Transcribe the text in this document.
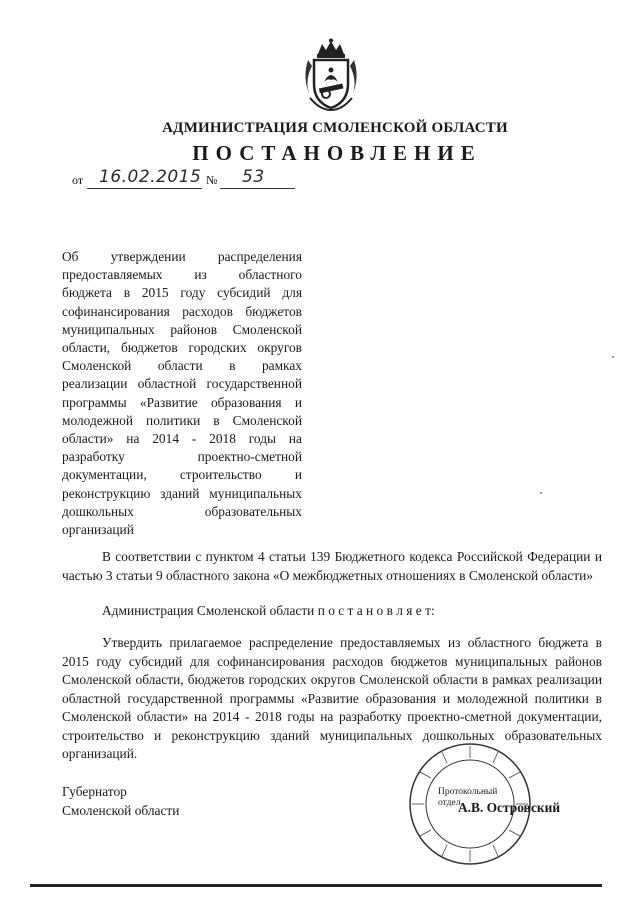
АДМИНИСТРАЦИЯ СМОЛЕНСКОЙ ОБЛАСТИ
ПОСТАНОВЛЕНИЕ
от 16.02.2015 № 53
Об утверждении распределения
предоставляемых из областного
бюджета в 2015 году субсидий для
софинансирования расходов бюджетов
муниципальных районов Смоленской
области, бюджетов городских округов
Смоленской области в рамках
реализации областной государственной
программы «Развитие образования и
молодежной политики в Смоленской
области» на 2014 - 2018 годы на
разработку проектно-сметной
документации, строительство и
реконструкцию зданий муниципальных
дошкольных образовательных
организаций
В соответствии с пунктом 4 статьи 139 Бюджетного кодекса Российской Федерации и частью 3 статьи 9 областного закона «О межбюджетных отношениях в Смоленской области»
Администрация Смоленской области п о с т а н о в л я е т:
Утвердить прилагаемое распределение предоставляемых из областного бюджета в 2015 году субсидий для софинансирования расходов бюджетов муниципальных районов Смоленской области, бюджетов городских округов Смоленской области в рамках реализации областной государственной программы «Развитие образования и молодежной политики в Смоленской области» на 2014 - 2018 годы на разработку проектно-сметной документации, строительство и реконструкцию зданий муниципальных дошкольных образовательных организаций.
Губернатор
Смоленской области
Протокольный
отдел
А.В. Островский
